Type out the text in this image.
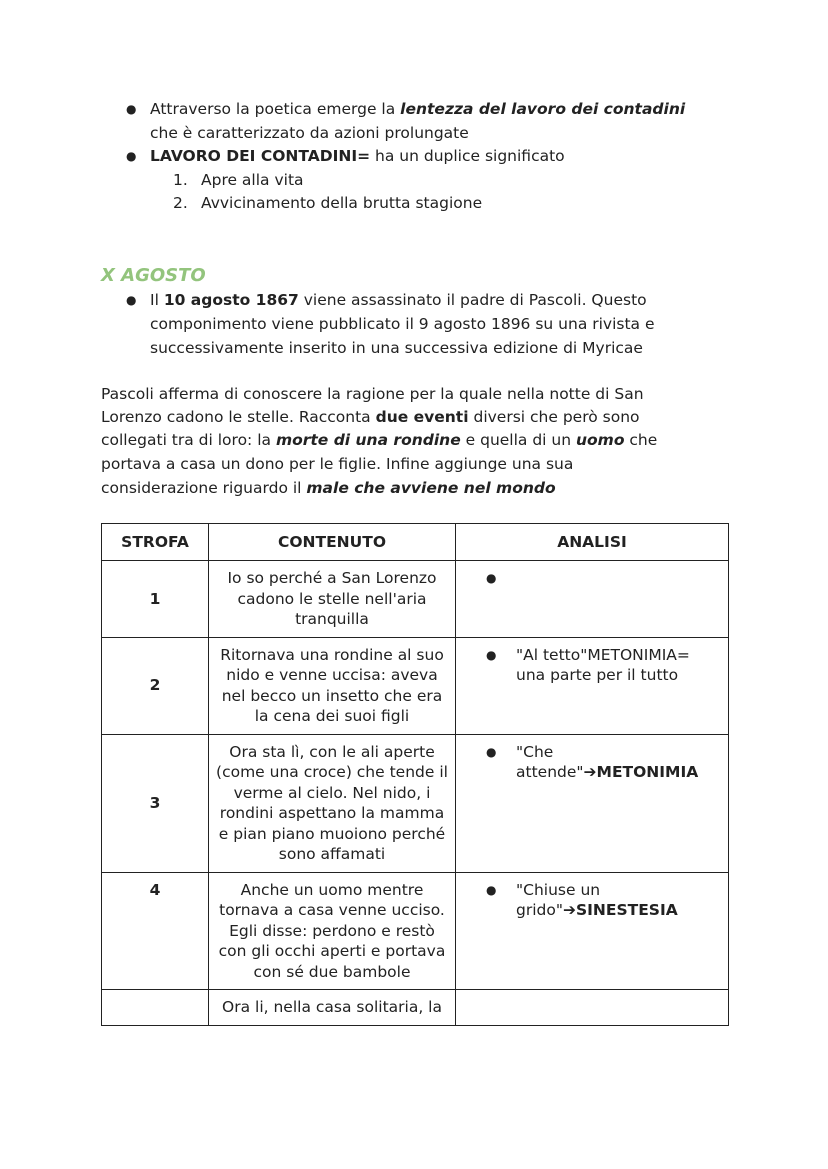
● Attraverso la poetica emerge la lentezza del lavoro dei contadini
che è caratterizzato da azioni prolungate
● LAVORO DEI CONTADINI= ha un duplice significato
1. Apre alla vita
2. Avvicinamento della brutta stagione
X AGOSTO
● Il 10 agosto 1867 viene assassinato il padre di Pascoli. Questo
componimento viene pubblicato il 9 agosto 1896 su una rivista e
successivamente inserito in una successiva edizione di Myricae
Pascoli afferma di conoscere la ragione per la quale nella notte di San
Lorenzo cadono le stelle. Racconta due eventi diversi che però sono
collegati tra di loro: la morte di una rondine e quella di un uomo che
portava a casa un dono per le figlie. Infine aggiunge una sua
considerazione riguardo il male che avviene nel mondo
STROFA	CONTENUTO	ANALISI
1	Io so perché a San Lorenzo cadono le stelle nell'aria tranquilla	●

2	Ritornava una rondine al suo nido e venne uccisa: aveva nel becco un insetto che era la cena dei suoi figli	● "Al tetto"METONIMIA= una parte per il tutto

3	Ora sta lì, con le ali aperte (come una croce) che tende il verme al cielo. Nel nido, i rondini aspettano la mamma e pian piano muoiono perché sono affamati	● "Che attende"➔METONIMIA

4	Anche un uomo mentre tornava a casa venne ucciso. Egli disse: perdono e restò con gli occhi aperti e portava con sé due bambole	● "Chiuse un grido"➔SINESTESIA

	Ora li, nella casa solitaria, la	
